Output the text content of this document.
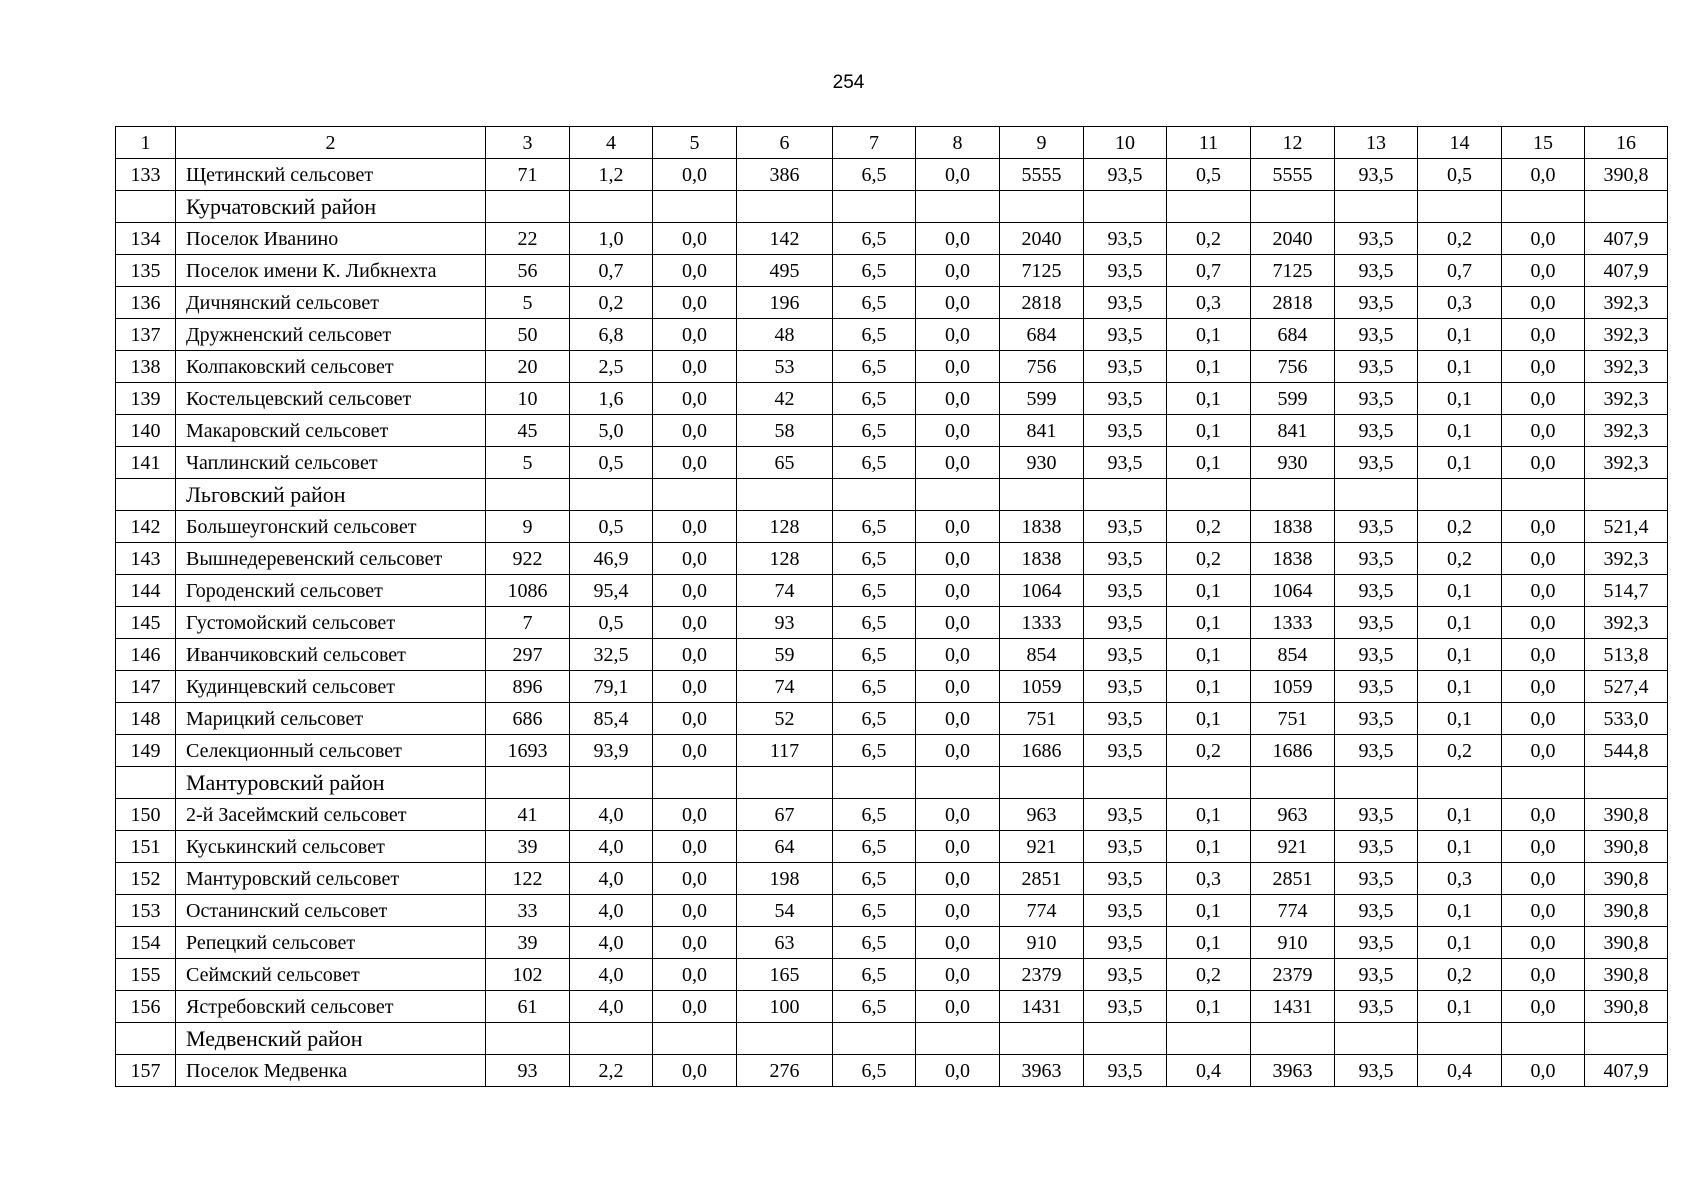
254
1	2	3	4	5	6	7	8	9	10	11	12	13	14	15	16
133	Щетинский сельсовет	71	1,2	0,0	386	6,5	0,0	5555	93,5	0,5	5555	93,5	0,5	0,0	390,8
	Курчатовский район														
134	Поселок Иванино	22	1,0	0,0	142	6,5	0,0	2040	93,5	0,2	2040	93,5	0,2	0,0	407,9
135	Поселок имени К. Либкнехта	56	0,7	0,0	495	6,5	0,0	7125	93,5	0,7	7125	93,5	0,7	0,0	407,9
136	Дичнянский сельсовет	5	0,2	0,0	196	6,5	0,0	2818	93,5	0,3	2818	93,5	0,3	0,0	392,3
137	Дружненский сельсовет	50	6,8	0,0	48	6,5	0,0	684	93,5	0,1	684	93,5	0,1	0,0	392,3
138	Колпаковский сельсовет	20	2,5	0,0	53	6,5	0,0	756	93,5	0,1	756	93,5	0,1	0,0	392,3
139	Костельцевский сельсовет	10	1,6	0,0	42	6,5	0,0	599	93,5	0,1	599	93,5	0,1	0,0	392,3
140	Макаровский сельсовет	45	5,0	0,0	58	6,5	0,0	841	93,5	0,1	841	93,5	0,1	0,0	392,3
141	Чаплинский сельсовет	5	0,5	0,0	65	6,5	0,0	930	93,5	0,1	930	93,5	0,1	0,0	392,3
	Льговский район														
142	Большеугонский сельсовет	9	0,5	0,0	128	6,5	0,0	1838	93,5	0,2	1838	93,5	0,2	0,0	521,4
143	Вышнедеревенский сельсовет	922	46,9	0,0	128	6,5	0,0	1838	93,5	0,2	1838	93,5	0,2	0,0	392,3
144	Городенский сельсовет	1086	95,4	0,0	74	6,5	0,0	1064	93,5	0,1	1064	93,5	0,1	0,0	514,7
145	Густомойский сельсовет	7	0,5	0,0	93	6,5	0,0	1333	93,5	0,1	1333	93,5	0,1	0,0	392,3
146	Иванчиковский сельсовет	297	32,5	0,0	59	6,5	0,0	854	93,5	0,1	854	93,5	0,1	0,0	513,8
147	Кудинцевский сельсовет	896	79,1	0,0	74	6,5	0,0	1059	93,5	0,1	1059	93,5	0,1	0,0	527,4
148	Марицкий сельсовет	686	85,4	0,0	52	6,5	0,0	751	93,5	0,1	751	93,5	0,1	0,0	533,0
149	Селекционный сельсовет	1693	93,9	0,0	117	6,5	0,0	1686	93,5	0,2	1686	93,5	0,2	0,0	544,8
	Мантуровский район														
150	2-й Засеймский сельсовет	41	4,0	0,0	67	6,5	0,0	963	93,5	0,1	963	93,5	0,1	0,0	390,8
151	Куськинский сельсовет	39	4,0	0,0	64	6,5	0,0	921	93,5	0,1	921	93,5	0,1	0,0	390,8
152	Мантуровский сельсовет	122	4,0	0,0	198	6,5	0,0	2851	93,5	0,3	2851	93,5	0,3	0,0	390,8
153	Останинский сельсовет	33	4,0	0,0	54	6,5	0,0	774	93,5	0,1	774	93,5	0,1	0,0	390,8
154	Репецкий сельсовет	39	4,0	0,0	63	6,5	0,0	910	93,5	0,1	910	93,5	0,1	0,0	390,8
155	Сеймский сельсовет	102	4,0	0,0	165	6,5	0,0	2379	93,5	0,2	2379	93,5	0,2	0,0	390,8
156	Ястребовский сельсовет	61	4,0	0,0	100	6,5	0,0	1431	93,5	0,1	1431	93,5	0,1	0,0	390,8
	Медвенский район														
157	Поселок Медвенка	93	2,2	0,0	276	6,5	0,0	3963	93,5	0,4	3963	93,5	0,4	0,0	407,9
